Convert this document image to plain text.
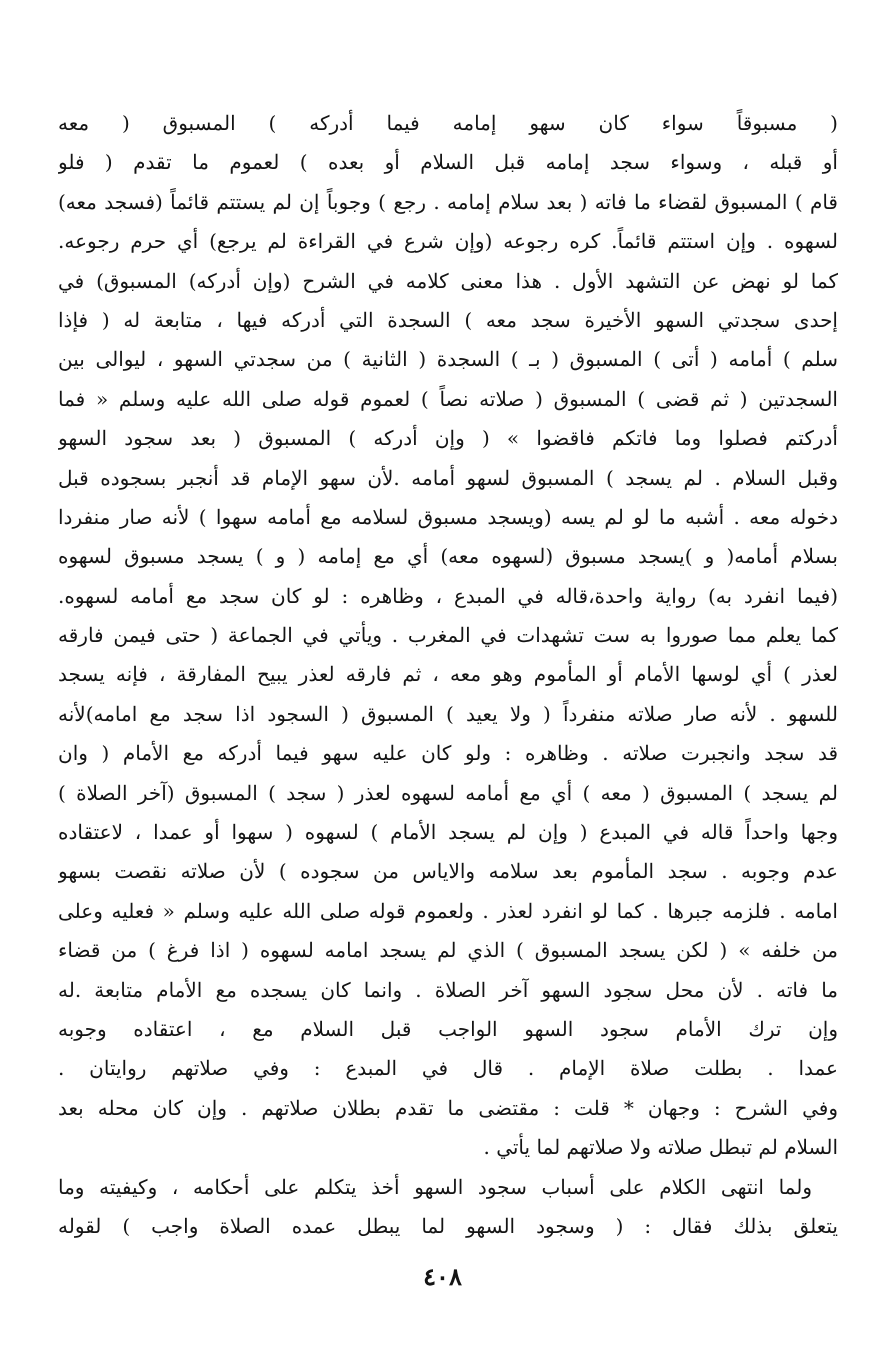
( مسبوقاً سواء كان سهو إمامه فيما أدركه ) المسبوق ( معه
أو قبله ، وسواء سجد إمامه قبل السلام أو بعده ) لعموم ما تقدم ( فلو
قام ) المسبوق لقضاء ما فاته ( بعد سلام إمامه . رجع ) وجوباً إن لم يستتم قائماً (فسجد معه)
لسهوه . وإن استتم قائماً. كره رجوعه (وإن شرع في القراءة لم يرجع) أي حرم رجوعه.
كما لو نهض عن التشهد الأول . هذا معنى كلامه في الشرح (وإن أدركه) المسبوق) في
إحدى سجدتي السهو الأخيرة سجد معه ) السجدة التي أدركه فيها ، متابعة له ( فإذا
سلم ) أمامه ( أتى ) المسبوق ( بـ ) السجدة ( الثانية ) من سجدتي السهو ، ليوالى بين
السجدتين ( ثم قضى ) المسبوق ( صلاته نصاً ) لعموم قوله صلى الله عليه وسلم « فما
أدركتم فصلوا وما فاتكم فاقضوا » ( وإن أدركه ) المسبوق ( بعد سجود السهو
وقبل السلام . لم يسجد ) المسبوق لسهو أمامه .لأن سهو الإمام قد أنجبر بسجوده قبل
دخوله معه . أشبه ما لو لم يسه (ويسجد مسبوق لسلامه مع أمامه سهوا ) لأنه صار منفردا
بسلام أمامه( و )يسجد مسبوق (لسهوه معه) أي مع إمامه ( و ) يسجد مسبوق لسهوه
(فيما انفرد به) رواية واحدة،قاله في المبدع ، وظاهره : لو كان سجد مع أمامه لسهوه.
كما يعلم مما صوروا به ست تشهدات في المغرب . ويأتي في الجماعة ( حتى فيمن فارقه
لعذر ) أي لوسها الأمام أو المأموم وهو معه ، ثم فارقه لعذر يبيح المفارقة ، فإنه يسجد
للسهو . لأنه صار صلاته منفرداً ( ولا يعيد ) المسبوق ( السجود اذا سجد مع امامه)لأنه
قد سجد وانجبرت صلاته . وظاهره : ولو كان عليه سهو فيما أدركه مع الأمام ( وان
لم يسجد ) المسبوق ( معه ) أي مع أمامه لسهوه لعذر ( سجد ) المسبوق (آخر الصلاة )
وجها واحداً قاله في المبدع ( وإن لم يسجد الأمام ) لسهوه ( سهوا أو عمدا ، لاعتقاده
عدم وجوبه . سجد المأموم بعد سلامه والاياس من سجوده ) لأن صلاته نقصت بسهو
امامه . فلزمه جبرها . كما لو انفرد لعذر . ولعموم قوله صلى الله عليه وسلم « فعليه وعلى
من خلفه » ( لكن يسجد المسبوق ) الذي لم يسجد امامه لسهوه ( اذا فرغ ) من قضاء
ما فاته . لأن محل سجود السهو آخر الصلاة . وانما كان يسجده مع الأمام متابعة .له
وإن ترك الأمام سجود السهو الواجب قبل السلام مع ، اعتقاده وجوبه
عمدا . بطلت صلاة الإمام . قال في المبدع : وفي صلاتهم روايتان .
وفي الشرح : وجهان * قلت : مقتضى ما تقدم بطلان صلاتهم . وإن كان محله بعد
السلام لم تبطل صلاته ولا صلاتهم لما يأتي .
ولما انتهى الكلام على أسباب سجود السهو أخذ يتكلم على أحكامه ، وكيفيته وما
يتعلق بذلك فقال : ( وسجود السهو لما يبطل عمده الصلاة واجب ) لقوله
٤٠٨
